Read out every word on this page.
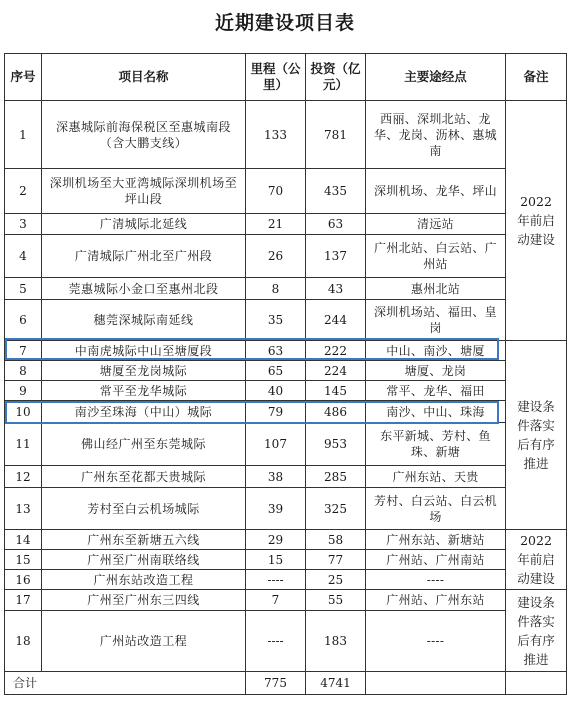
近期建设项目表
序号	项目名称	里程（公里）	投资（亿元）	主要途经点	备注
1	深惠城际前海保税区至惠城南段（含大鹏支线）	133	781	西丽、深圳北站、龙华、龙岗、沥林、惠城南	2022年前启动建设
2	深圳机场至大亚湾城际深圳机场至坪山段	70	435	深圳机场、龙华、坪山	
3	广清城际北延线	21	63	清远站	
4	广清城际广州北至广州段	26	137	广州北站、白云站、广州站	
5	莞惠城际小金口至惠州北段	8	43	惠州北站	
6	穗莞深城际南延线	35	244	深圳机场站、福田、皇岗	
7	中南虎城际中山至塘厦段	63	222	中山、南沙、塘厦	建设条件落实后有序推进
8	塘厦至龙岗城际	65	224	塘厦、龙岗	
9	常平至龙华城际	40	145	常平、龙华、福田	
10	南沙至珠海（中山）城际	79	486	南沙、中山、珠海	
11	佛山经广州至东莞城际	107	953	东平新城、芳村、鱼珠、新塘	
12	广州东至花都天贵城际	38	285	广州东站、天贵	
13	芳村至白云机场城际	39	325	芳村、白云站、白云机场	
14	广州东至新塘五六线	29	58	广州东站、新塘站	2022年前启动建设
15	广州至广州南联络线	15	77	广州站、广州南站	
16	广州东站改造工程	----	25	----	
17	广州至广州东三四线	7	55	广州站、广州东站	建设条件落实后有序推进
18	广州站改造工程	----	183	----	
合计		775	4741		
